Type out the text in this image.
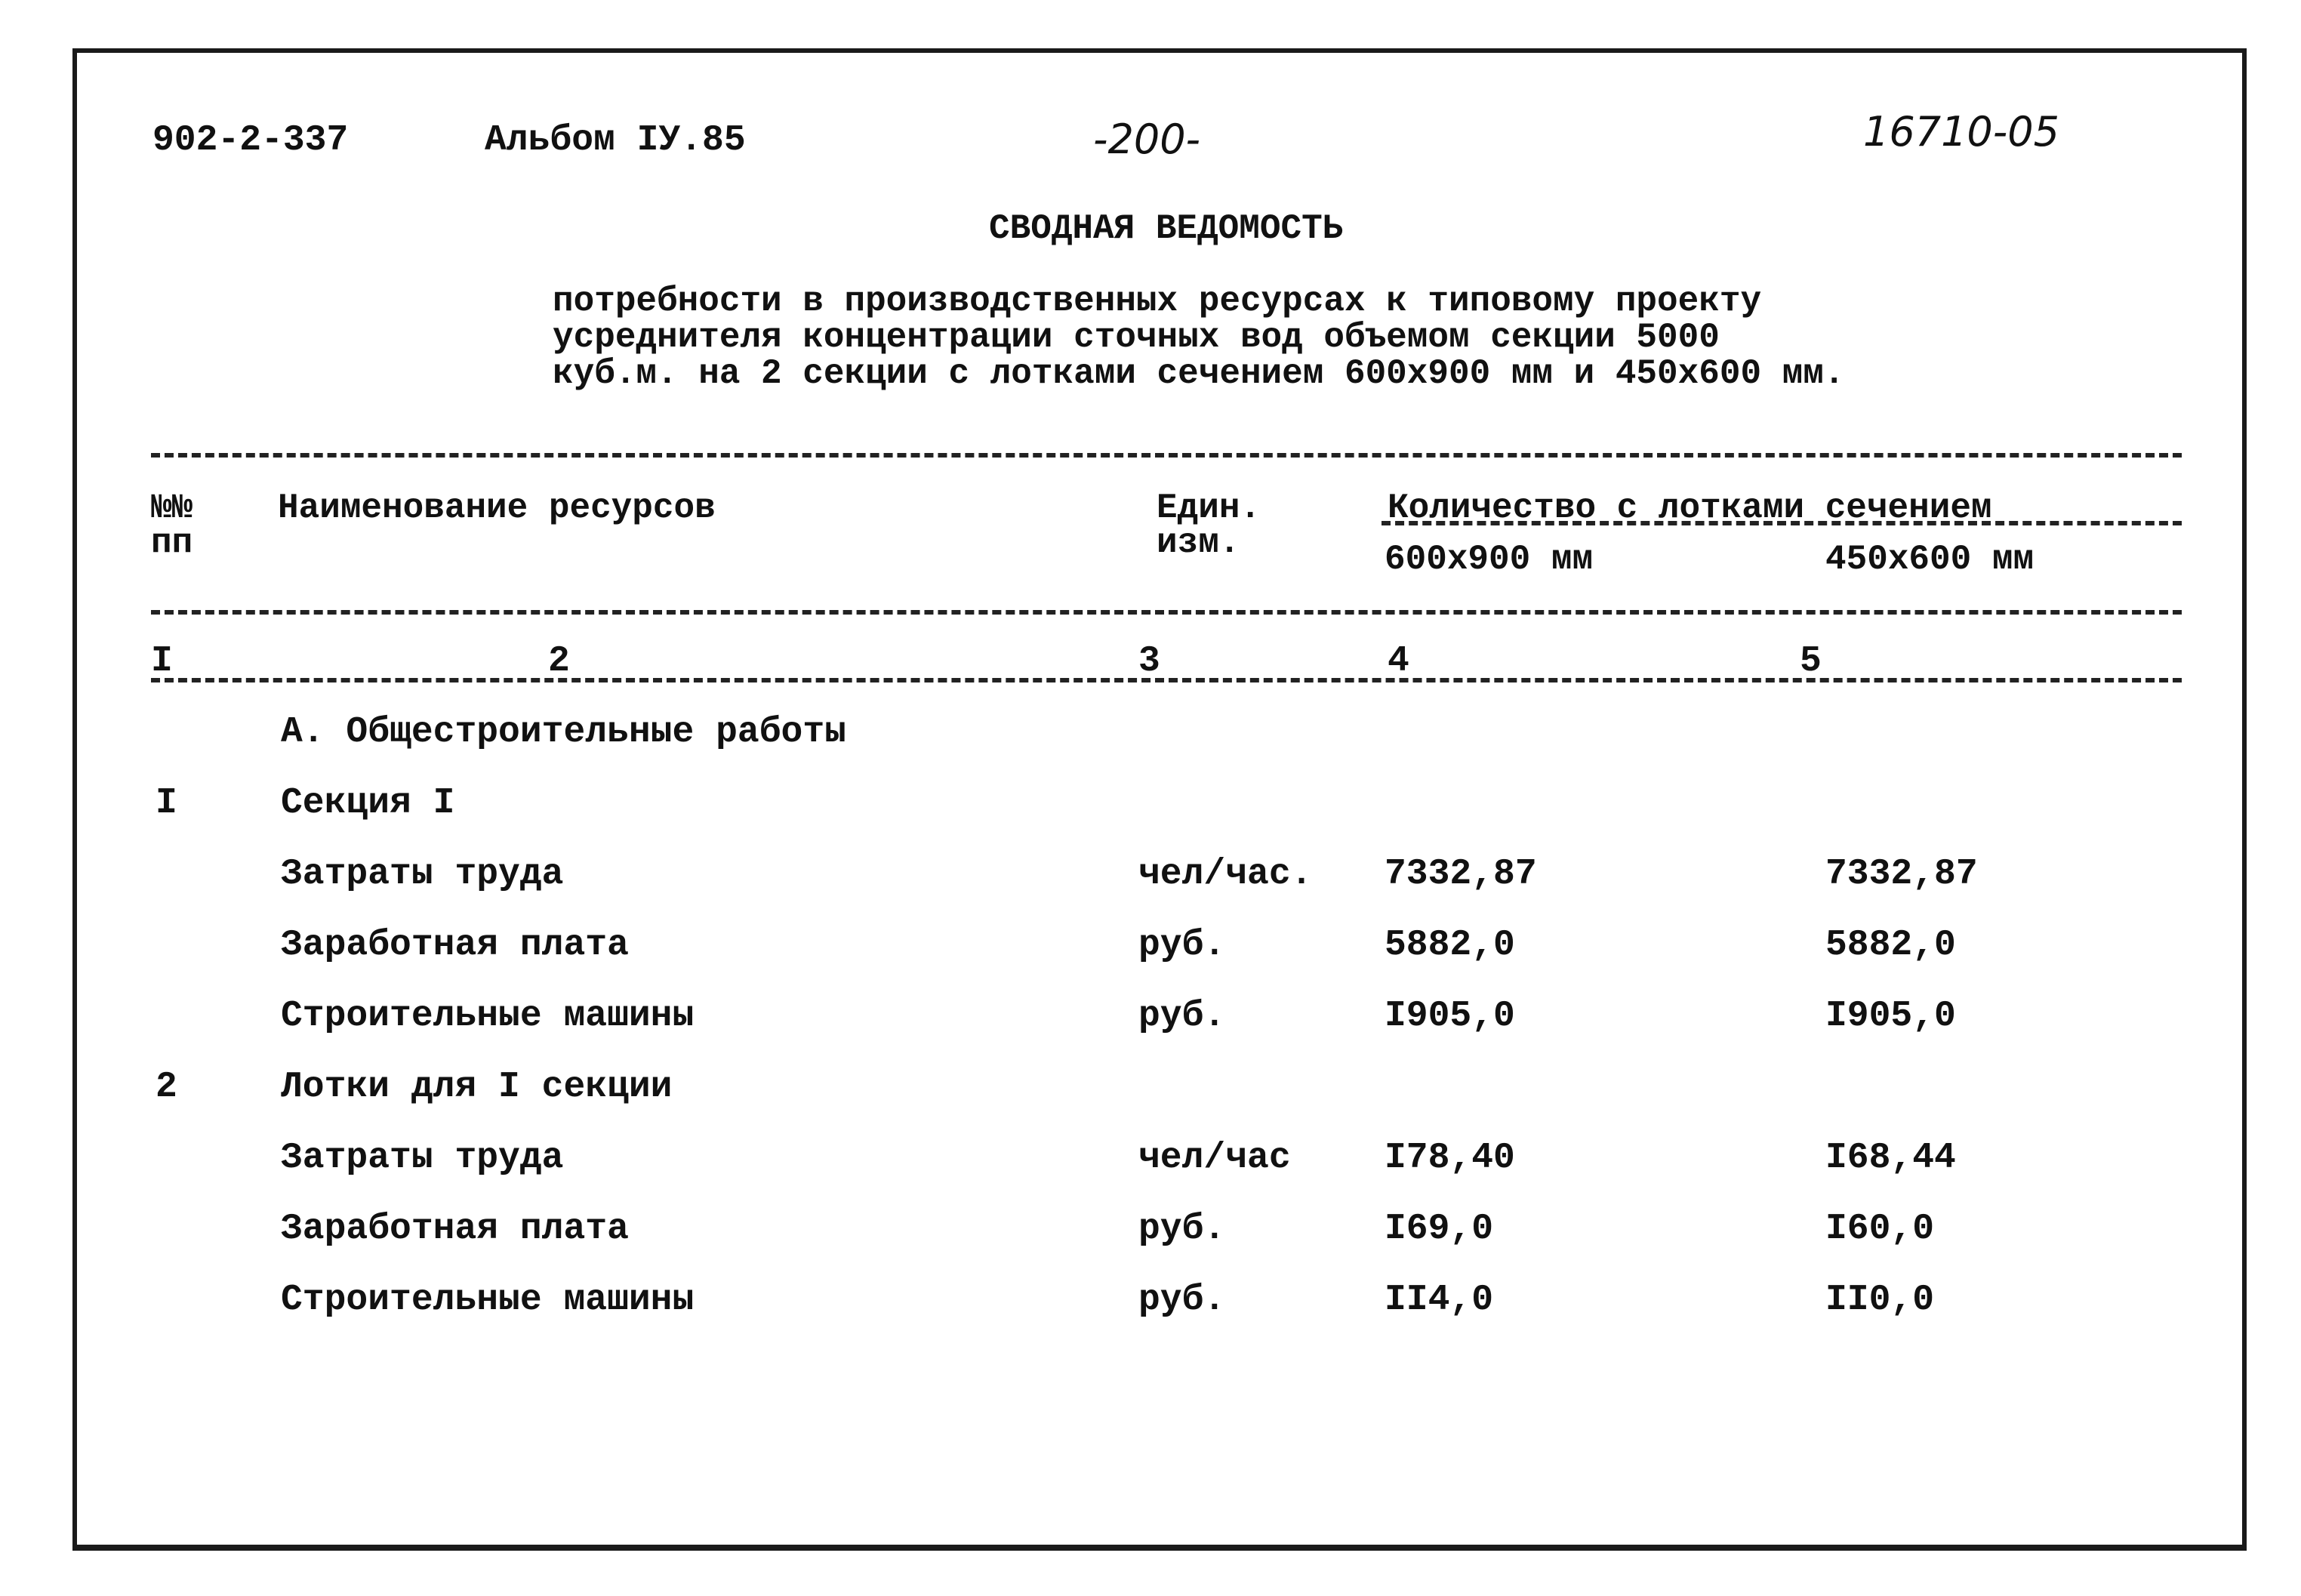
902-2-337	Альбом IУ.85	-200-	16710-05
СВОДНАЯ ВЕДОМОСТЬ
потребности в производственных ресурсах к типовому проекту
усреднителя концентрации сточных вод объемом секции 5000
куб.м. на 2 секции с лотками сечением 600х900 мм и 450х600 мм.
№№
пп
Наименование ресурсов	Един.
изм.
Количество с лотками сечением
600х900 мм	450х600 мм
I	2	3	4	5
А. Общестроительные работы
I	Секция I
Затраты труда	чел/час. 7332,87	7332,87
Заработная плата	руб.	5882,0	5882,0
Строительные машины	руб.	I905,0	I905,0
2	Лотки для I секции
Затраты труда	чел/час	I78,40	I68,44
Заработная плата	руб.	I69,0	I60,0
Строительные машины	руб.	II4,0	II0,0
